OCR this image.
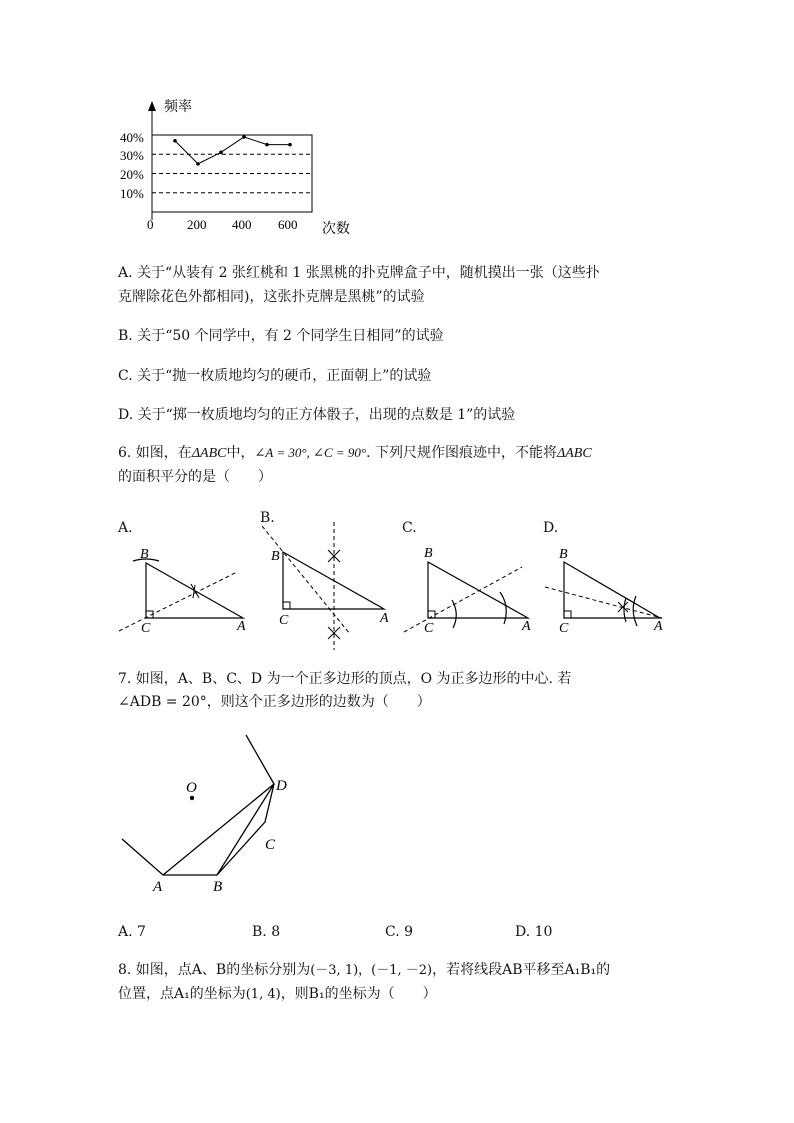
频率
40%
30%
20%
10%
0	200 400 600 次数
A. 关于“从装有 2 张红桃和 1 张黑桃的扑克牌盒子中，随机摸出一张（这些扑
克牌除花色外都相同)，这张扑克牌是黑桃”的试验
B. 关于“50 个同学中，有 2 个同学生日相同”的试验
C. 关于“抛一枚质地均匀的硬币，正面朝上”的试验
D. 关于“掷一枚质地均匀的正方体骰子，出现的点数是 1”的试验
6. 如图，在ΔABC中，∠A = 30°, ∠C = 90°. 下列尺规作图痕迹中，不能将ΔABC
的面积平分的是（　　）
A.
B.
C.	D.
B
C	A
B
C	A
B
C	A
B
C	A
7. 如图，A、B、C、D 为一个正多边形的顶点，O 为正多边形的中心. 若
∠ADB = 20°，则这个正多边形的边数为（　　）
O	D
C
A	B
A. 7	B. 8	C. 9	D. 10
8. 如图，点A、B的坐标分别为(－3, 1)，(－1, －2)，若将线段AB平移至A₁B₁的
位置，点A₁的坐标为(1, 4)，则B₁的坐标为（　　）
